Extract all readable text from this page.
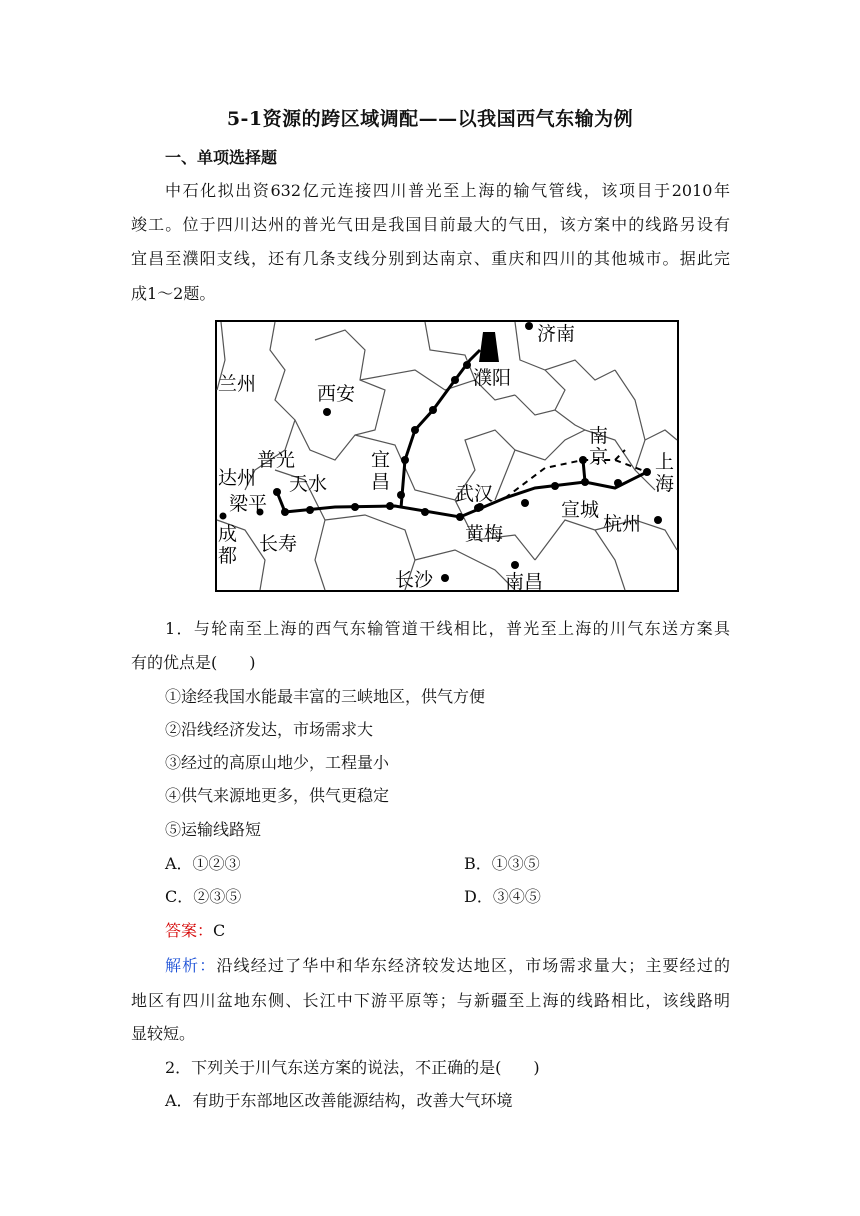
5-1资源的跨区域调配——以我国西气东输为例
一、单项选择题
中石化拟出资632亿元连接四川普光至上海的输气管线，该项目于2010年
竣工。位于四川达州的普光气田是我国目前最大的气田，该方案中的线路另设有
宜昌至濮阳支线，还有几条支线分别到达南京、重庆和四川的其他城市。据此完
成1～2题。
济南
兰州	西安
濮阳
南
京 上
海
达州
普光
天水
宜
昌
武汉
梁平	宣城
成
都
长寿	黄梅	杭州
长沙	南昌
1．与轮南至上海的西气东输管道干线相比，普光至上海的川气东送方案具
有的优点是(　　)
①途经我国水能最丰富的三峡地区，供气方便
②沿线经济发达，市场需求大
③经过的高原山地少，工程量小
④供气来源地更多，供气更稳定
⑤运输线路短
A．①②③	B．①③⑤
C．②③⑤	D．③④⑤
答案：C
解析：沿线经过了华中和华东经济较发达地区，市场需求量大；主要经过的
地区有四川盆地东侧、长江中下游平原等；与新疆至上海的线路相比，该线路明
显较短。
2．下列关于川气东送方案的说法，不正确的是(　　)
A．有助于东部地区改善能源结构，改善大气环境
